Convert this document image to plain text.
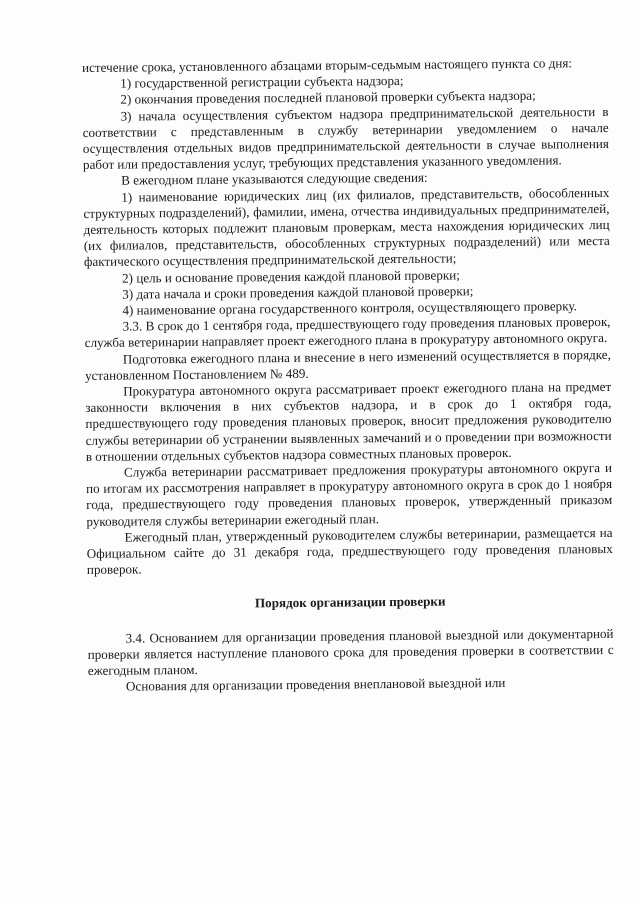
истечение срока, установленного абзацами вторым-седьмым настоящего пункта со дня:

1) государственной регистрации субъекта надзора;

2) окончания проведения последней плановой проверки субъекта надзора;

3) начала осуществления субъектом надзора предпринимательской деятельности в соответствии с представленным в службу ветеринарии уведомлением о начале осуществления отдельных видов предпринимательской деятельности в случае выполнения работ или предоставления услуг, требующих представления указанного уведомления.

В ежегодном плане указываются следующие сведения:

1) наименование юридических лиц (их филиалов, представительств, обособленных структурных подразделений), фамилии, имена, отчества индивидуальных предпринимателей, деятельность которых подлежит плановым проверкам, места нахождения юридических лиц (их филиалов, представительств, обособленных структурных подразделений) или места фактического осуществления предпринимательской деятельности;

2) цель и основание проведения каждой плановой проверки;

3) дата начала и сроки проведения каждой плановой проверки;

4) наименование органа государственного контроля, осуществляющего проверку.

3.3. В срок до 1 сентября года, предшествующего году проведения плановых проверок, служба ветеринарии направляет проект ежегодного плана в прокуратуру автономного округа.

Подготовка ежегодного плана и внесение в него изменений осуществляется в порядке, установленном Постановлением № 489.

Прокуратура автономного округа рассматривает проект ежегодного плана на предмет законности включения в них субъектов надзора, и в срок до 1 октября года, предшествующего году проведения плановых проверок, вносит предложения руководителю службы ветеринарии об устранении выявленных замечаний и о проведении при возможности в отношении отдельных субъектов надзора совместных плановых проверок.

Служба ветеринарии рассматривает предложения прокуратуры автономного округа и по итогам их рассмотрения направляет в прокуратуру автономного округа в срок до 1 ноября года, предшествующего году проведения плановых проверок, утвержденный приказом руководителя службы ветеринарии ежегодный план.

Ежегодный план, утвержденный руководителем службы ветеринарии, размещается на Официальном сайте до 31 декабря года, предшествующего году проведения плановых проверок.

Порядок организации проверки

3.4. Основанием для организации проведения плановой выездной или документарной проверки является наступление планового срока для проведения проверки в соответствии с ежегодным планом.

Основания для организации проведения внеплановой выездной или
